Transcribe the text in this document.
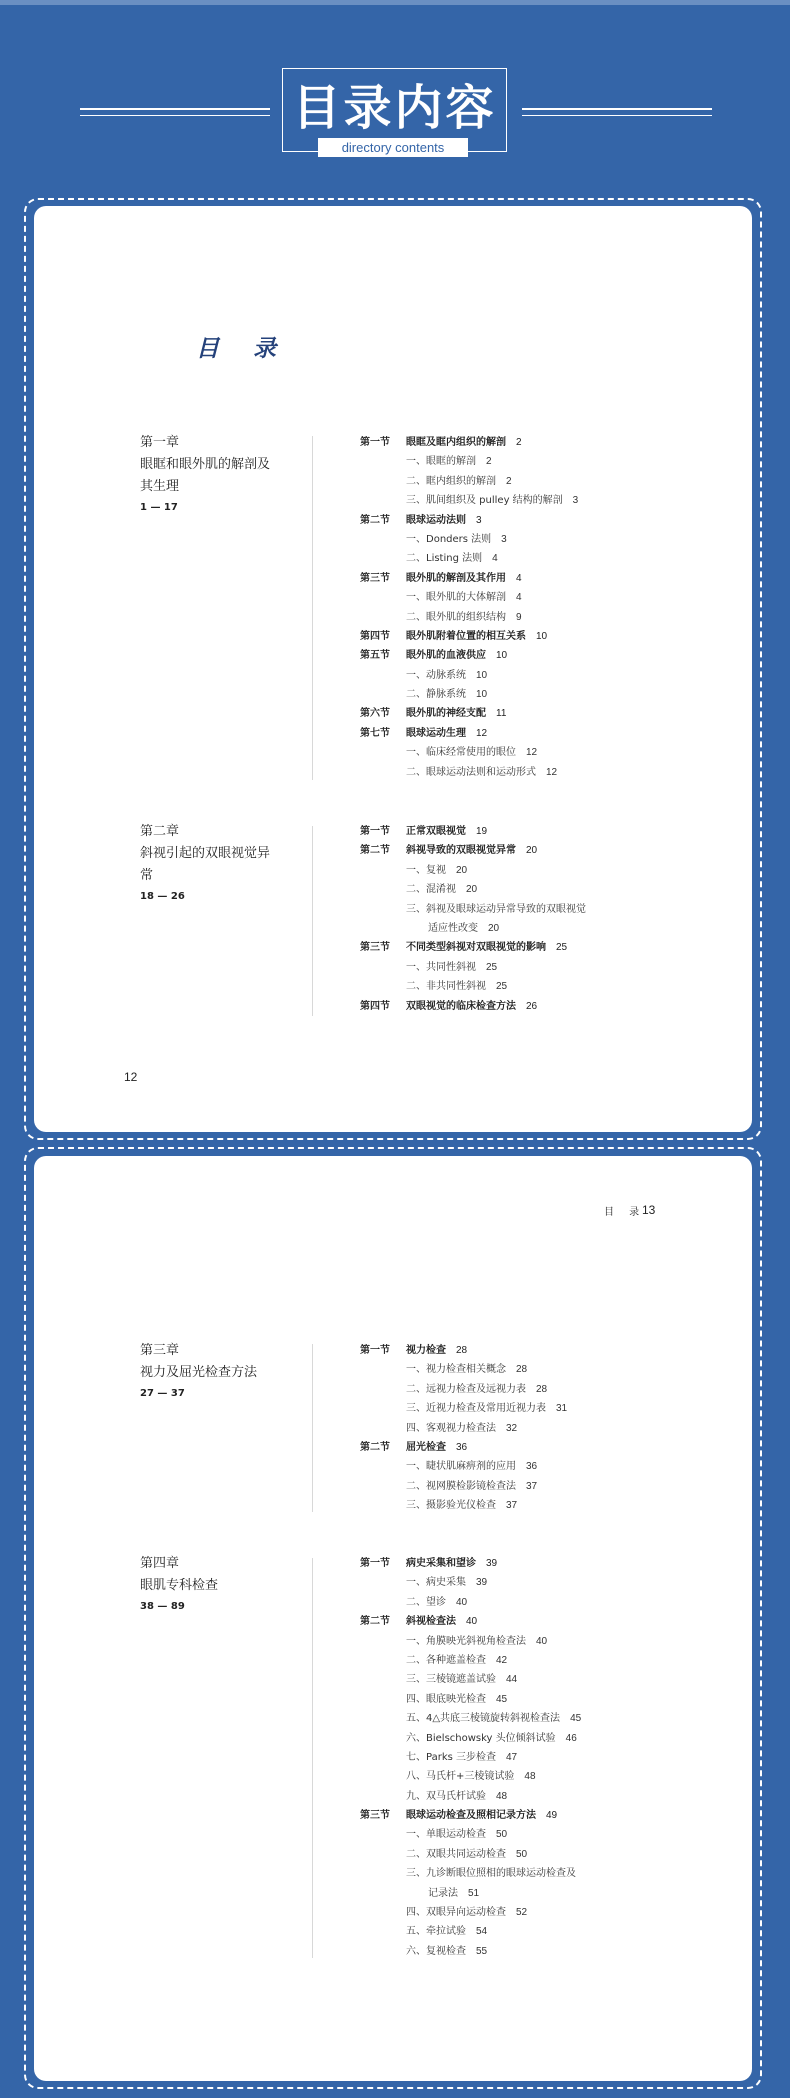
目录内容
directory contents
目录
第一章
眼眶和眼外肌的解剖及其生理
1 — 17
第一节 眼眶及眶内组织的解剖 2
一、眼眶的解剖 2
二、眶内组织的解剖 2
三、肌间组织及 pulley 结构的解剖 3
第二节 眼球运动法则 3
一、Donders 法则 3
二、Listing 法则 4
第三节 眼外肌的解剖及其作用 4
一、眼外肌的大体解剖 4
二、眼外肌的组织结构 9
第四节 眼外肌附着位置的相互关系 10
第五节 眼外肌的血液供应 10
一、动脉系统 10
二、静脉系统 10
第六节 眼外肌的神经支配 11
第七节 眼球运动生理 12
一、临床经常使用的眼位 12
二、眼球运动法则和运动形式 12
第二章
斜视引起的双眼视觉异常
18 — 26
第一节 正常双眼视觉 19
第二节 斜视导致的双眼视觉异常 20
一、复视 20
二、混淆视 20
三、斜视及眼球运动异常导致的双眼视觉
适应性改变 20
第三节 不同类型斜视对双眼视觉的影响 25
一、共同性斜视 25
二、非共同性斜视 25
第四节 双眼视觉的临床检查方法 26
12
目 录
13
第三章
视力及屈光检查方法
27 — 37
第一节 视力检查 28
一、视力检查相关概念 28
二、远视力检查及远视力表 28
三、近视力检查及常用近视力表 31
四、客观视力检查法 32
第二节 屈光检查 36
一、睫状肌麻痹剂的应用 36
二、视网膜检影镜检查法 37
三、摄影验光仪检查 37
第四章
眼肌专科检查
38 — 89
第一节 病史采集和望诊 39
一、病史采集 39
二、望诊 40
第二节 斜视检查法 40
一、角膜映光斜视角检查法 40
二、各种遮盖检查 42
三、三棱镜遮盖试验 44
四、眼底映光检查 45
五、4△共底三棱镜旋转斜视检查法 45
六、Bielschowsky 头位倾斜试验 46
七、Parks 三步检查 47
八、马氏杆+三棱镜试验 48
九、双马氏杆试验 48
第三节 眼球运动检查及照相记录方法 49
一、单眼运动检查 50
二、双眼共同运动检查 50
三、九诊断眼位照相的眼球运动检查及
记录法 51
四、双眼异向运动检查 52
五、牵拉试验 54
六、复视检查 55
